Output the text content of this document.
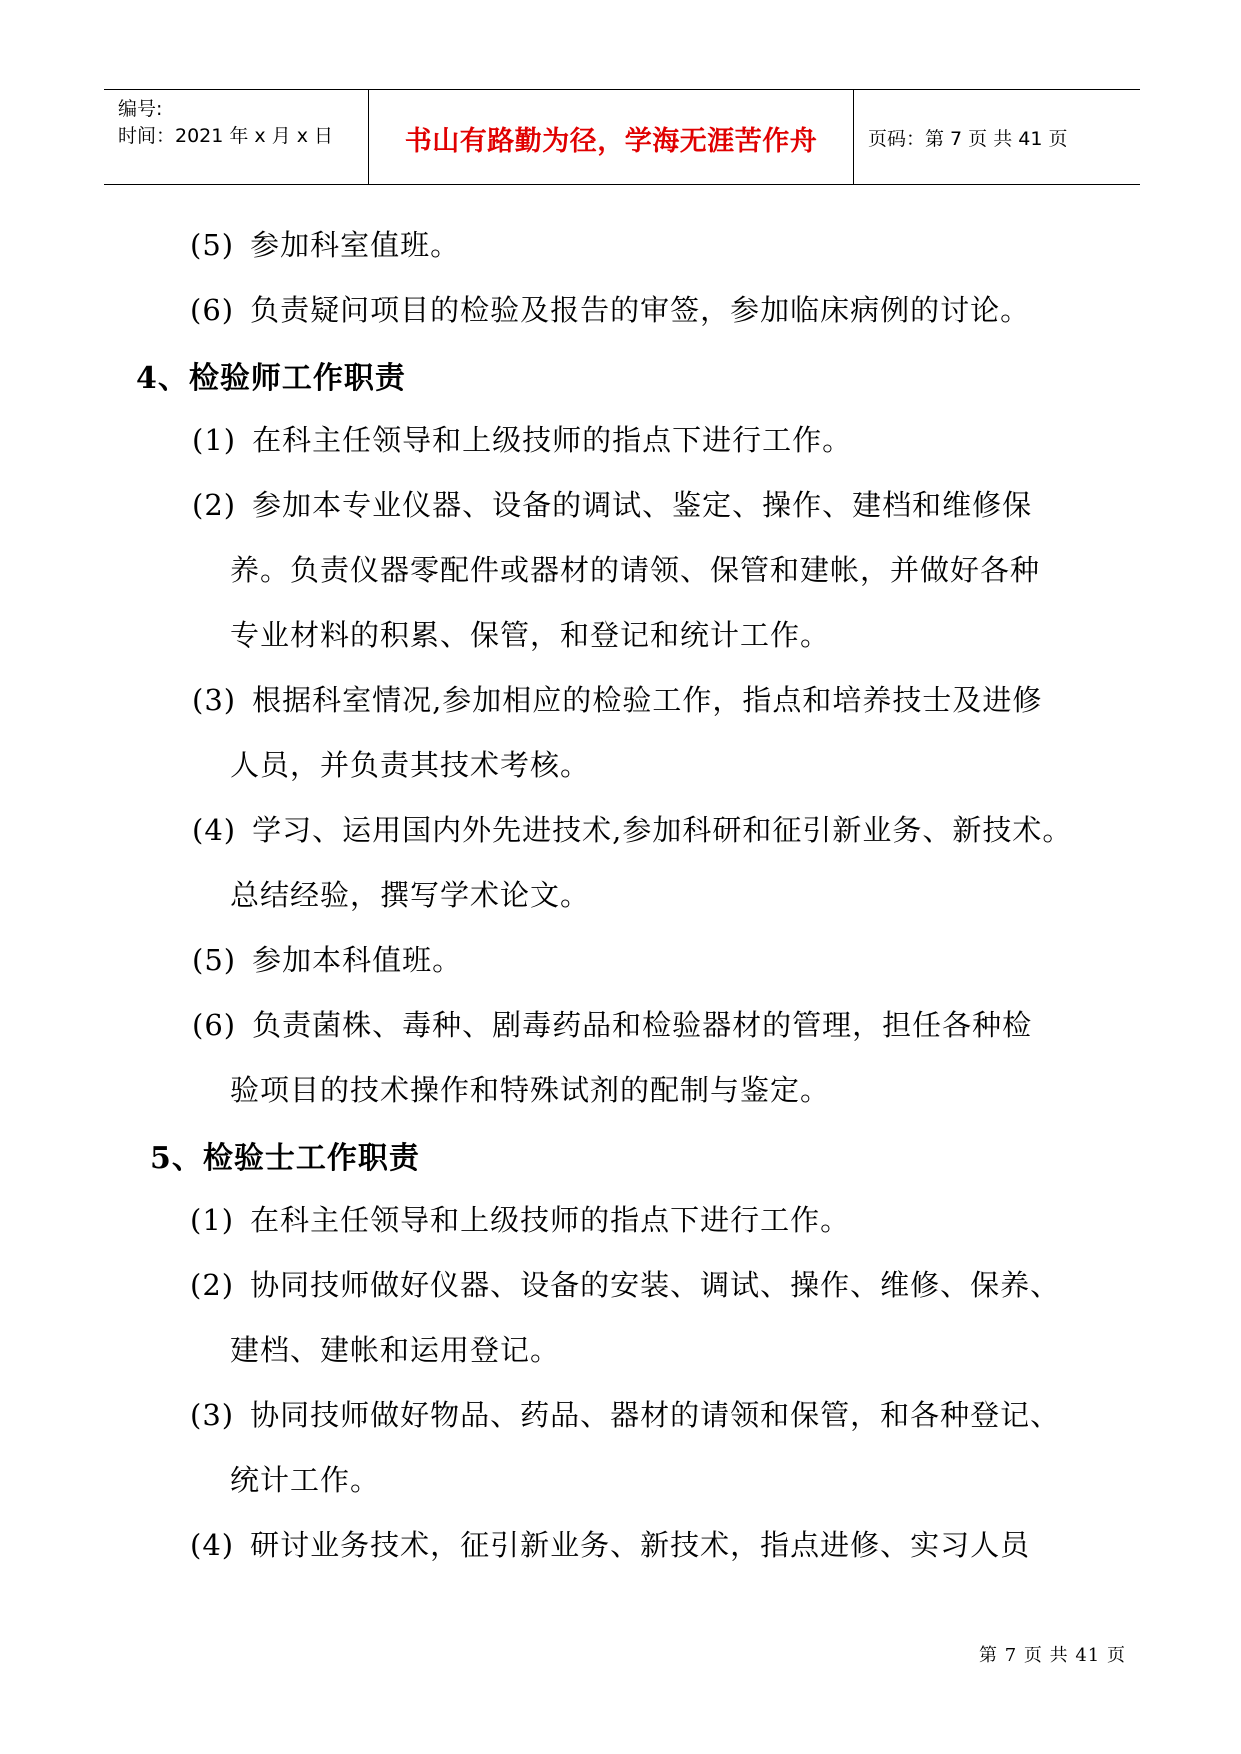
编号:
时间：2021 年 x 月 x 日	书山有路勤为径，学海无涯苦作舟	页码：第 7 页 共 41 页
(5) 参加科室值班。
(6) 负责疑问项目的检验及报告的审签，参加临床病例的讨论。
4、检验师工作职责
(1) 在科主任领导和上级技师的指点下进行工作。
(2) 参加本专业仪器、设备的调试、鉴定、操作、建档和维修保
养。负责仪器零配件或器材的请领、保管和建帐，并做好各种
专业材料的积累、保管，和登记和统计工作。
(3) 根据科室情况,参加相应的检验工作，指点和培养技士及进修
人员，并负责其技术考核。
(4) 学习、运用国内外先进技术,参加科研和征引新业务、新技术。
总结经验，撰写学术论文。
(5) 参加本科值班。
(6) 负责菌株、毒种、剧毒药品和检验器材的管理，担任各种检
验项目的技术操作和特殊试剂的配制与鉴定。
5、检验士工作职责
(1) 在科主任领导和上级技师的指点下进行工作。
(2) 协同技师做好仪器、设备的安装、调试、操作、维修、保养、
建档、建帐和运用登记。
(3) 协同技师做好物品、药品、器材的请领和保管，和各种登记、
统计工作。
(4) 研讨业务技术，征引新业务、新技术，指点进修、实习人员
第 7 页 共 41 页
